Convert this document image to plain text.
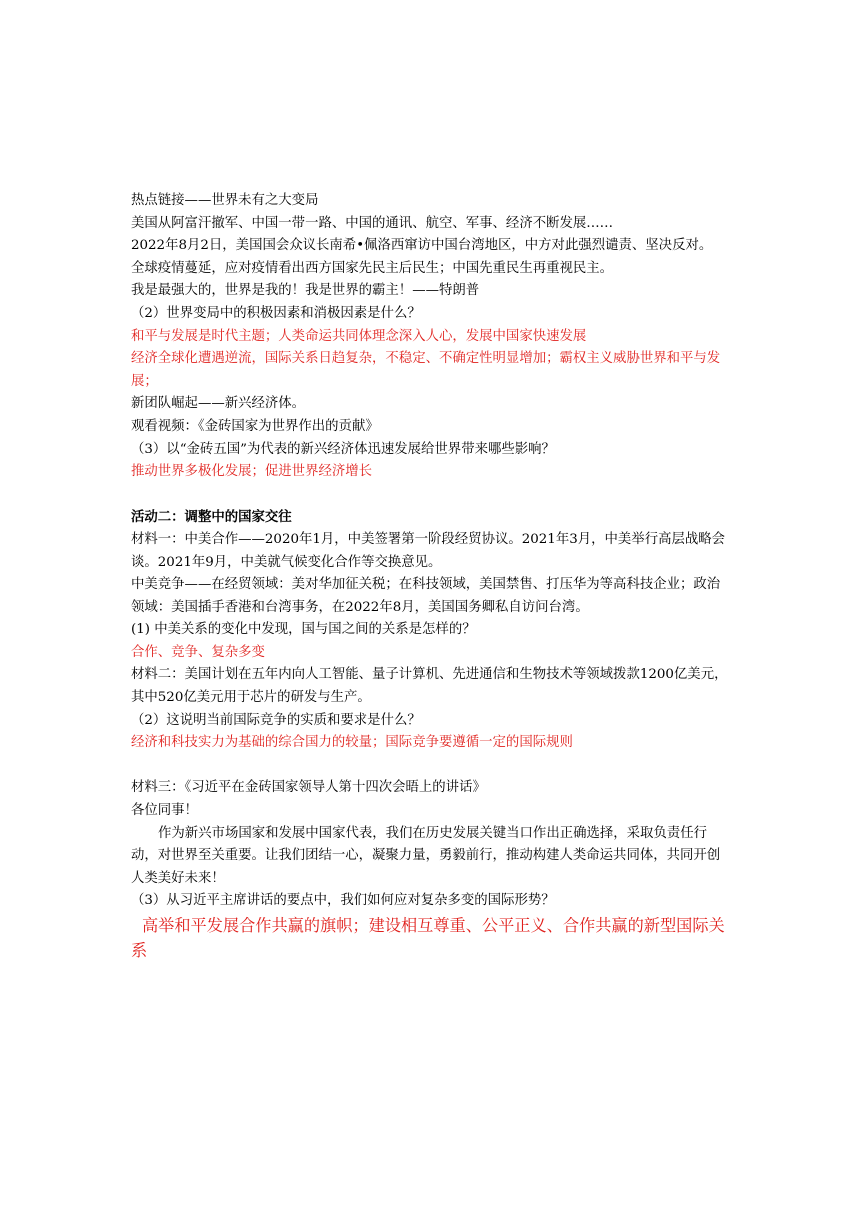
热点链接——世界未有之大变局

美国从阿富汗撤军、中国一带一路、中国的通讯、航空、军事、经济不断发展……

2022年8月2日，美国国会众议长南希•佩洛西窜访中国台湾地区，中方对此强烈谴责、坚决反对。

全球疫情蔓延，应对疫情看出西方国家先民主后民生；中国先重民生再重视民主。

我是最强大的，世界是我的！我是世界的霸主！——特朗普

（2）世界变局中的积极因素和消极因素是什么？

和平与发展是时代主题；人类命运共同体理念深入人心，发展中国家快速发展

经济全球化遭遇逆流，国际关系日趋复杂，不稳定、不确定性明显增加；霸权主义威胁世界和平与发展；

新团队崛起——新兴经济体。

观看视频：《金砖国家为世界作出的贡献》

（3）以“金砖五国”为代表的新兴经济体迅速发展给世界带来哪些影响？

推动世界多极化发展；促进世界经济增长

活动二：调整中的国家交往

材料一：中美合作——2020年1月，中美签署第一阶段经贸协议。2021年3月，中美举行高层战略会谈。2021年9月，中美就气候变化合作等交换意见。

中美竞争——在经贸领域：美对华加征关税；在科技领域，美国禁售、打压华为等高科技企业；政治领域：美国插手香港和台湾事务，在2022年8月，美国国务卿私自访问台湾。

(1) 中美关系的变化中发现，国与国之间的关系是怎样的？

合作、竞争、复杂多变

材料二：美国计划在五年内向人工智能、量子计算机、先进通信和生物技术等领域拨款1200亿美元，其中520亿美元用于芯片的研发与生产。

（2）这说明当前国际竞争的实质和要求是什么？

经济和科技实力为基础的综合国力的较量；国际竞争要遵循一定的国际规则

材料三：《习近平在金砖国家领导人第十四次会晤上的讲话》

各位同事！

作为新兴市场国家和发展中国家代表，我们在历史发展关键当口作出正确选择，采取负责任行动，对世界至关重要。让我们团结一心，凝聚力量，勇毅前行，推动构建人类命运共同体，共同开创人类美好未来！

（3）从习近平主席讲话的要点中，我们如何应对复杂多变的国际形势？

高举和平发展合作共赢的旗帜；建设相互尊重、公平正义、合作共赢的新型国际关系
